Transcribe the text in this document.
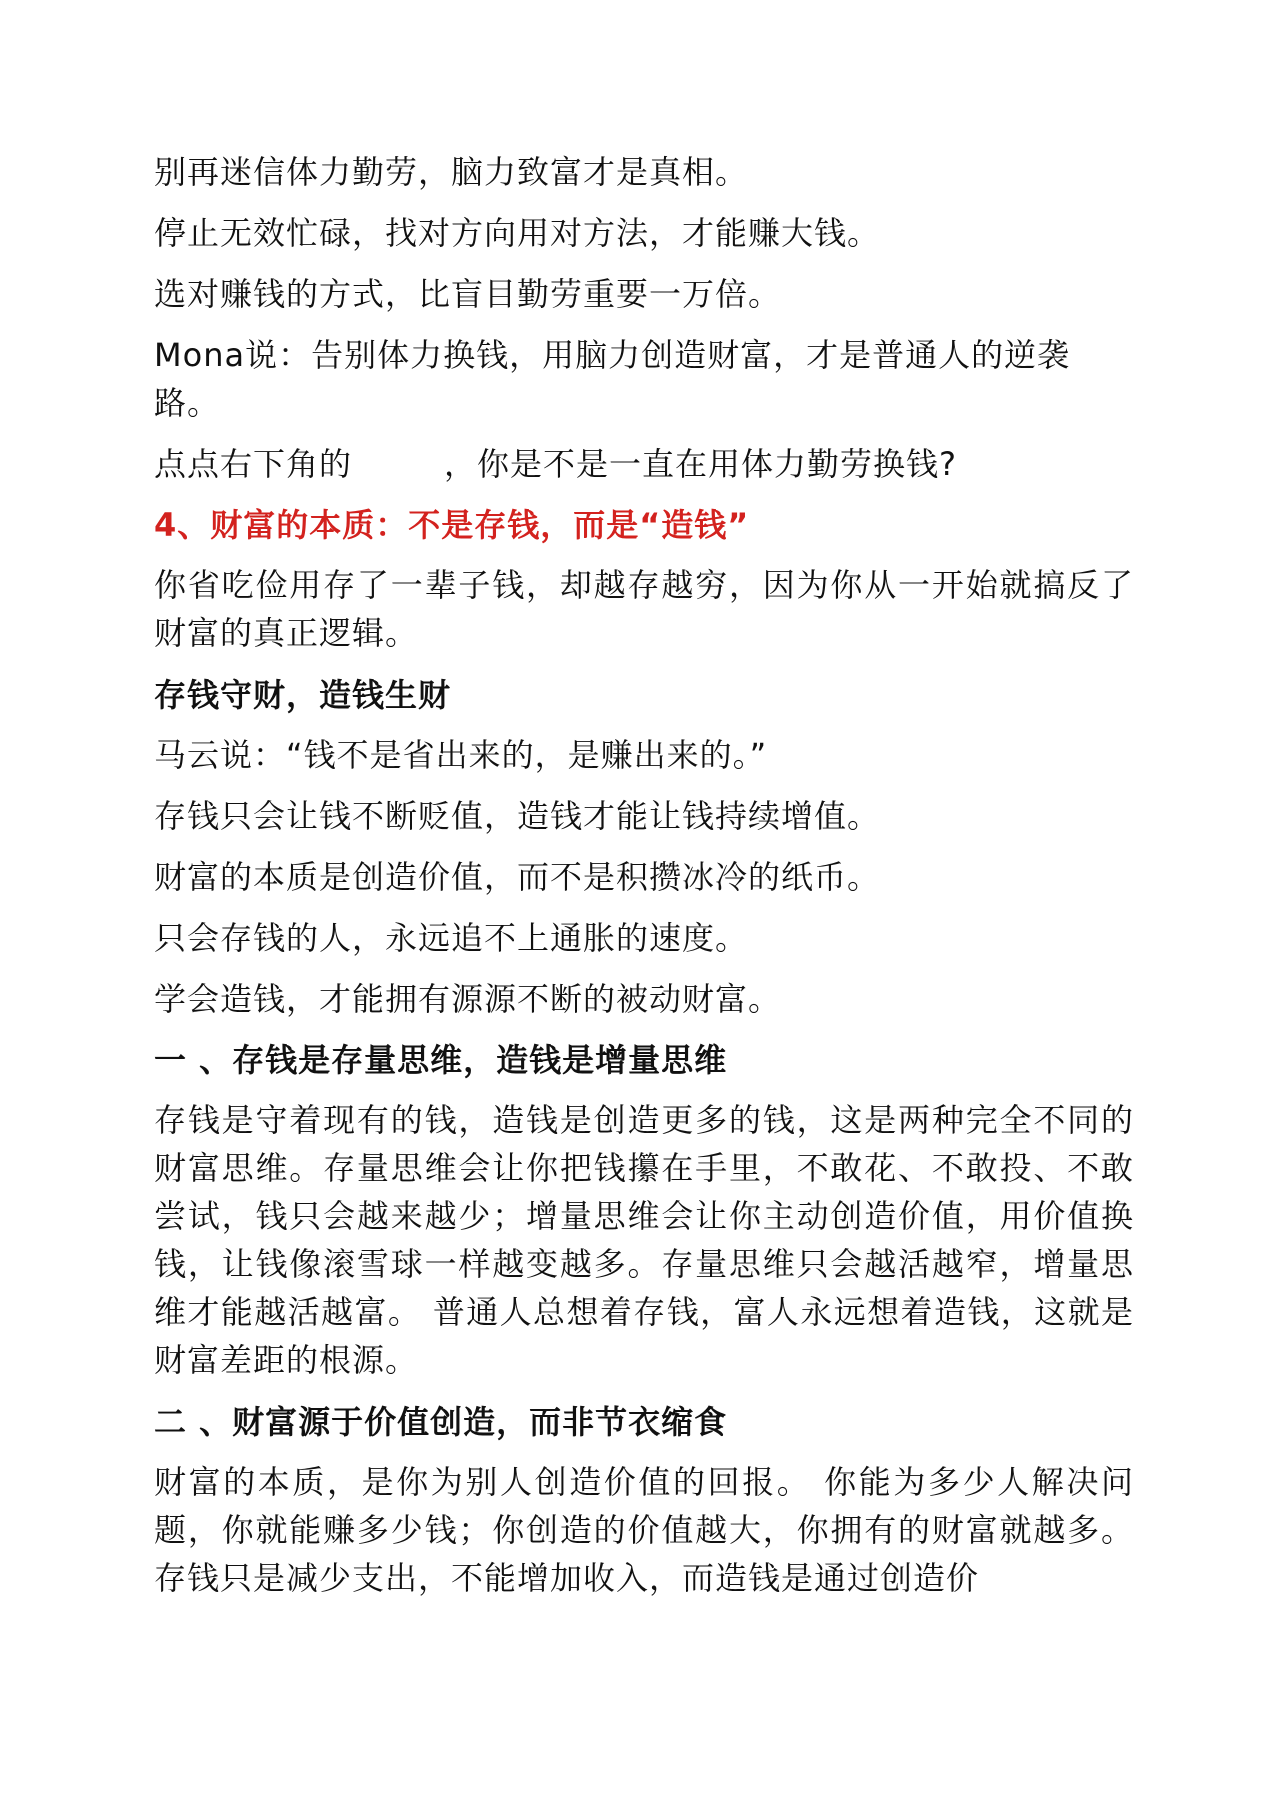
别再迷信体力勤劳，脑力致富才是真相。
停止无效忙碌，找对方向用对方法，才能赚大钱。
选对赚钱的方式，比盲目勤劳重要一万倍。
Mona说：告别体力换钱，用脑力创造财富，才是普通人的逆袭路。
点点右下角的	，你是不是一直在用体力勤劳换钱?
4、财富的本质：不是存钱，而是“造钱”
你省吃俭用存了一辈子钱，却越存越穷，因为你从一开始就搞反了财富的真正逻辑。
存钱守财，造钱生财
马云说：“钱不是省出来的，是赚出来的。”
存钱只会让钱不断贬值，造钱才能让钱持续增值。
财富的本质是创造价值，而不是积攒冰冷的纸币。
只会存钱的人，永远追不上通胀的速度。
学会造钱，才能拥有源源不断的被动财富。
一 、存钱是存量思维，造钱是增量思维
存钱是守着现有的钱，造钱是创造更多的钱，这是两种完全不同的财富思维。存量思维会让你把钱攥在手里，不敢花、不敢投、不敢尝试，钱只会越来越少；增量思维会让你主动创造价值，用价值换钱，让钱像滚雪球一样越变越多。存量思维只会越活越窄，增量思维才能越活越富。 普通人总想着存钱，富人永远想着造钱，这就是财富差距的根源。
二 、财富源于价值创造，而非节衣缩食
财富的本质，是你为别人创造价值的回报。 你能为多少人解决问题，你就能赚多少钱；你创造的价值越大，你拥有的财富就越多。存钱只是减少支出，不能增加收入，而造钱是通过创造价
